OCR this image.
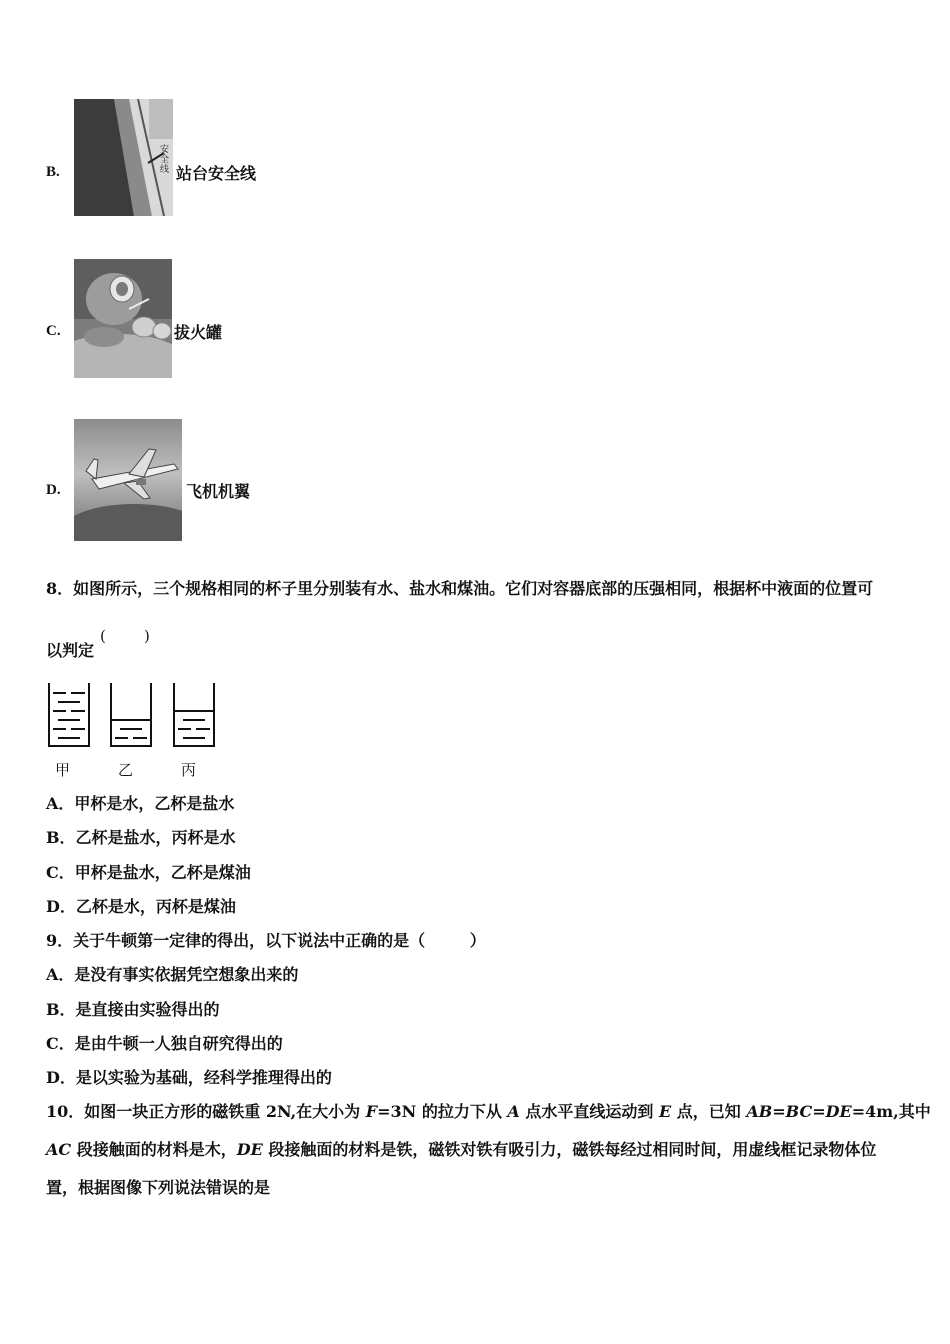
B.
安全线 站台安全线
C.	拔火罐
D.	飞机机翼
8．如图所示，三个规格相同的杯子里分别装有水、盐水和煤油。它们对容器底部的压强相同，根据杯中液面的位置可
以判定
(        )
甲	乙	丙
A．甲杯是水，乙杯是盐水
B．乙杯是盐水，丙杯是水
C．甲杯是盐水，乙杯是煤油
D．乙杯是水，丙杯是煤油
9．关于牛顿第一定律的得出，以下说法中正确的是（        ）
A．是没有事实依据凭空想象出来的
B．是直接由实验得出的
C．是由牛顿一人独自研究得出的
D．是以实验为基础，经科学推理得出的
10．如图一块正方形的磁铁重 2N,在大小为 F=3N 的拉力下从 A 点水平直线运动到 E 点，已知 AB=BC=DE=4m,其中
AC 段接触面的材料是木，DE 段接触面的材料是铁，磁铁对铁有吸引力，磁铁每经过相同时间，用虚线框记录物体位
置，根据图像下列说法错误的是
